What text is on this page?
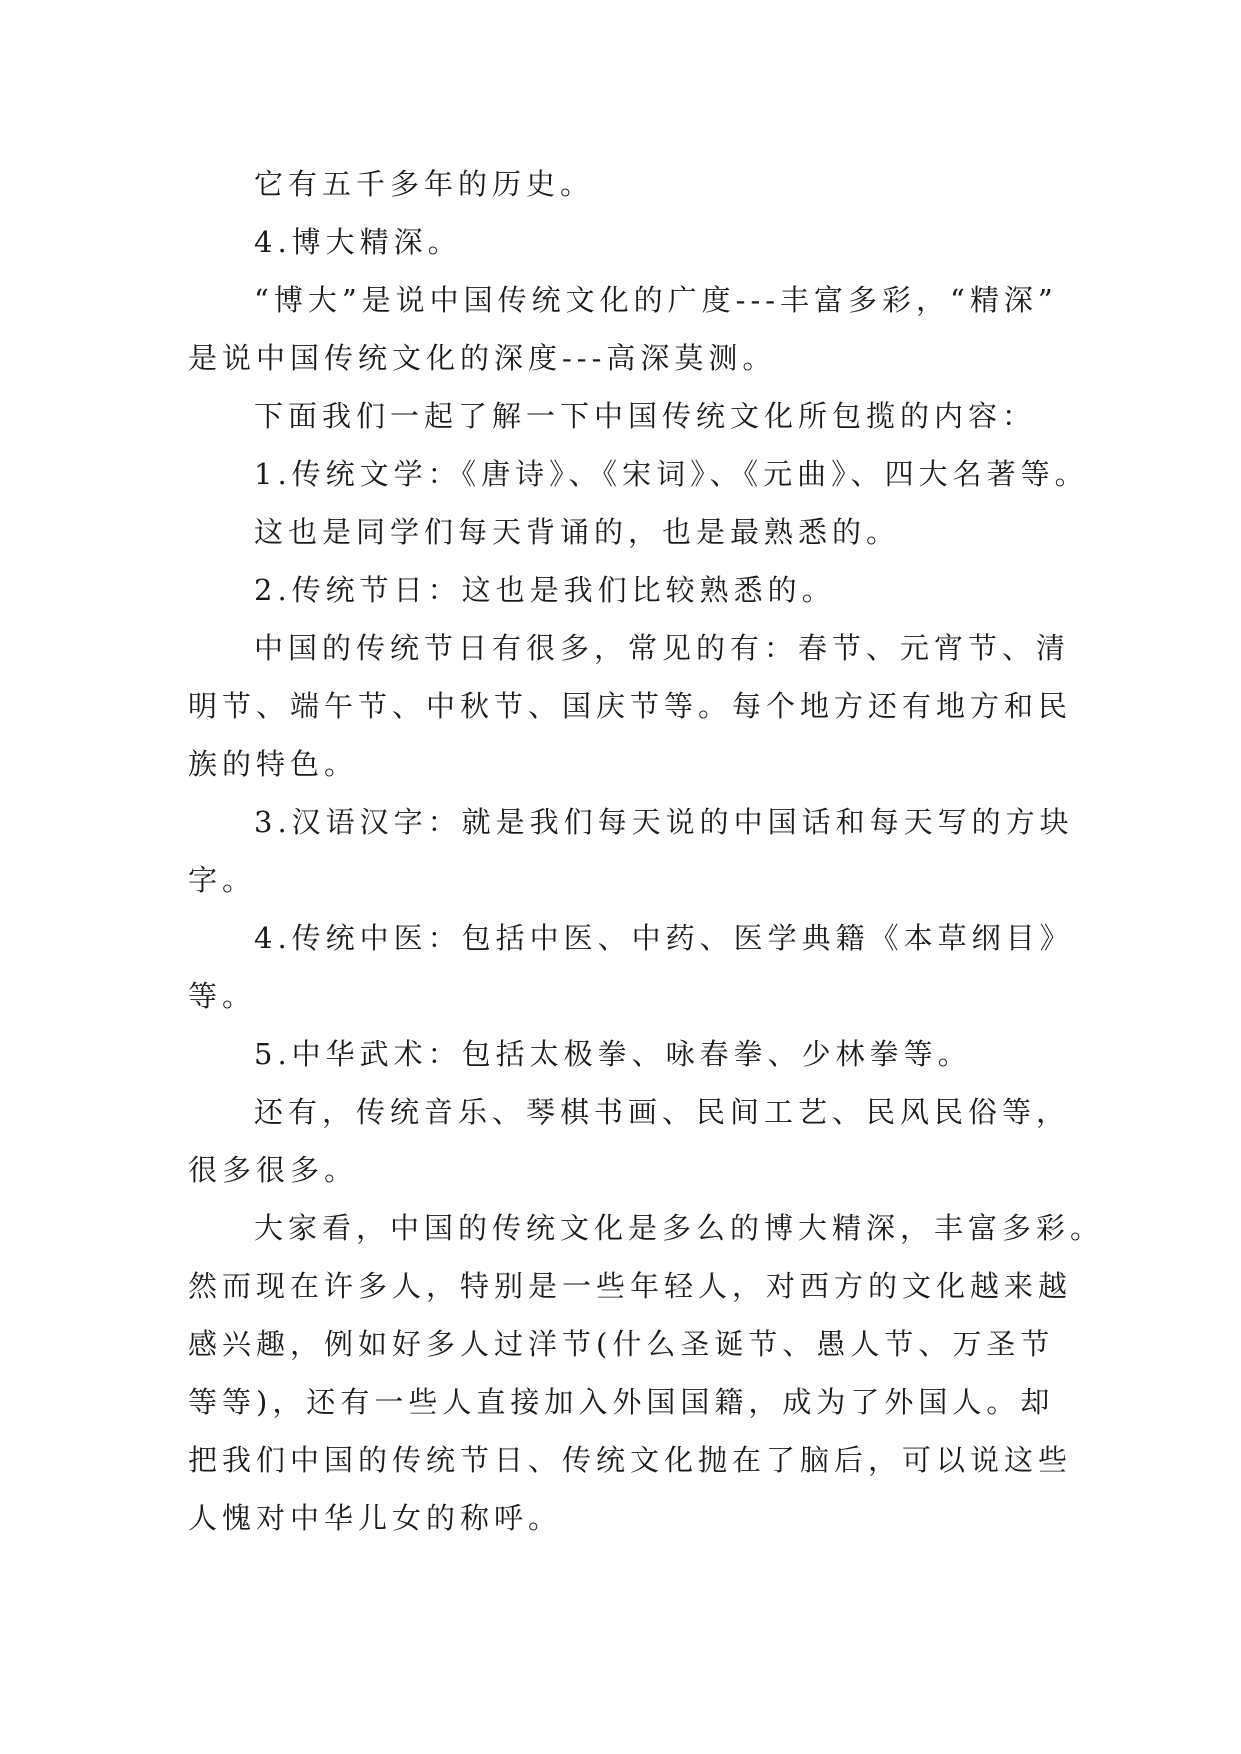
它有五千多年的历史。
4.博大精深。
“博大”是说中国传统文化的广度---丰富多彩，“精深”
是说中国传统文化的深度---高深莫测。
下面我们一起了解一下中国传统文化所包揽的内容：
1.传统文学：《唐诗》、《宋词》、《元曲》、四大名著等。
这也是同学们每天背诵的，也是最熟悉的。
2.传统节日：这也是我们比较熟悉的。
中国的传统节日有很多，常见的有：春节、元宵节、清
明节、端午节、中秋节、国庆节等。每个地方还有地方和民
族的特色。
3.汉语汉字：就是我们每天说的中国话和每天写的方块
字。
4.传统中医：包括中医、中药、医学典籍《本草纲目》
等。
5.中华武术：包括太极拳、咏春拳、少林拳等。
还有，传统音乐、琴棋书画、民间工艺、民风民俗等，
很多很多。
大家看，中国的传统文化是多么的博大精深，丰富多彩。
然而现在许多人，特别是一些年轻人，对西方的文化越来越
感兴趣，例如好多人过洋节(什么圣诞节、愚人节、万圣节
等等)，还有一些人直接加入外国国籍，成为了外国人。却
把我们中国的传统节日、传统文化抛在了脑后，可以说这些
人愧对中华儿女的称呼。
